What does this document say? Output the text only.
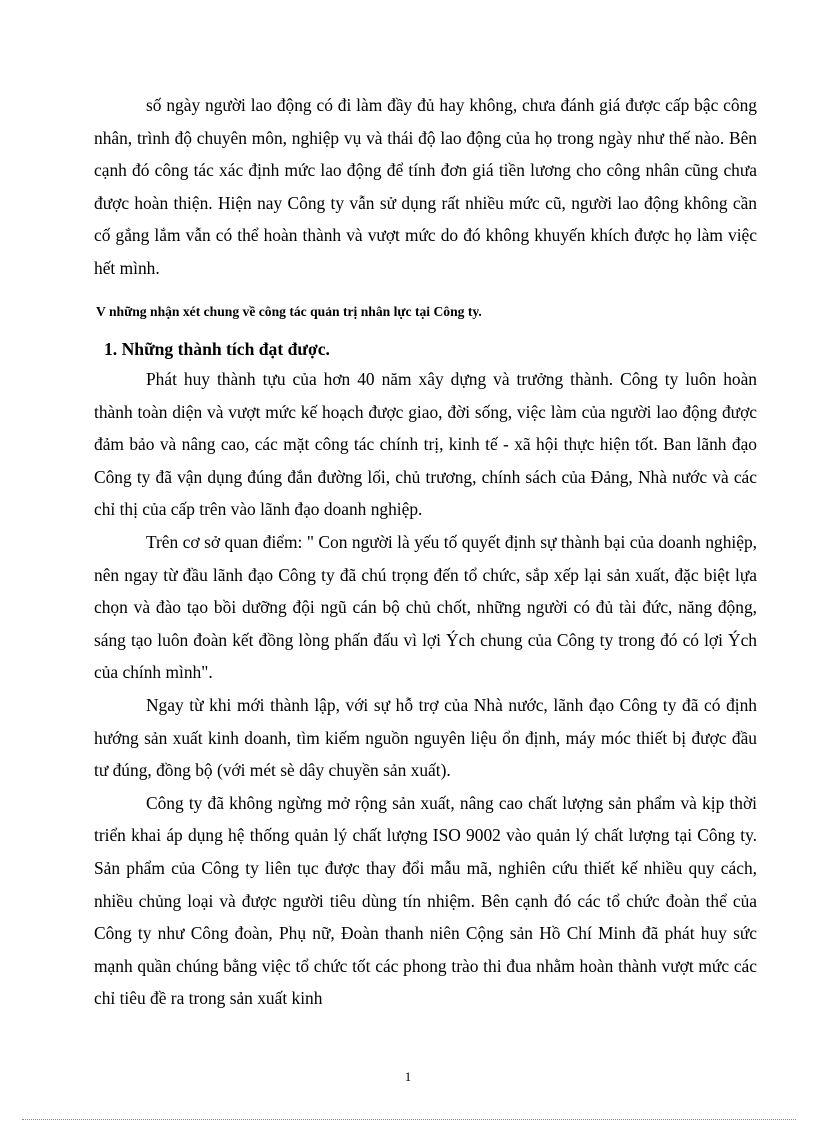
số ngày người lao động có đi làm đầy đủ hay không, chưa đánh giá được cấp bậc công nhân, trình độ chuyên môn, nghiệp vụ và thái độ lao động của họ trong ngày như thế nào. Bên cạnh đó công tác xác định mức lao động để tính đơn giá tiền lương cho công nhân cũng chưa được hoàn thiện. Hiện nay Công ty vẫn sử dụng rất nhiều mức cũ, người lao động không cần cố gắng lắm vẫn có thể hoàn thành và vượt mức do đó không khuyến khích được họ làm việc hết mình.

V những nhận xét chung về công tác quản trị nhân lực tại Công ty.
1. Những thành tích đạt được.

Phát huy thành tựu của hơn 40 năm xây dựng và trưởng thành. Công ty luôn hoàn thành toàn diện và vượt mức kế hoạch được giao, đời sống, việc làm của người lao động được đảm bảo và nâng cao, các mặt công tác chính trị, kinh tế - xã hội thực hiện tốt. Ban lãnh đạo Công ty đã vận dụng đúng đắn đường lối, chủ trương, chính sách của Đảng, Nhà nước và các chỉ thị của cấp trên vào lãnh đạo doanh nghiệp.

Trên cơ sở quan điểm: " Con người là yếu tố quyết định sự thành bại của doanh nghiệp, nên ngay từ đầu lãnh đạo Công ty đã chú trọng đến tổ chức, sắp xếp lại sản xuất, đặc biệt lựa chọn và đào tạo bồi dưỡng đội ngũ cán bộ chủ chốt, những người có đủ tài đức, năng động, sáng tạo luôn đoàn kết đồng lòng phấn đấu vì lợi Ých chung của Công ty trong đó có lợi Ých của chính mình".

Ngay từ khi mới thành lập, với sự hỗ trợ của Nhà nước, lãnh đạo Công ty đã có định hướng sản xuất kinh doanh, tìm kiếm nguồn nguyên liệu ổn định, máy móc thiết bị được đầu tư đúng, đồng bộ (với mét sè dây chuyền sản xuất).

Công ty đã không ngừng mở rộng sản xuất, nâng cao chất lượng sản phẩm và kịp thời triển khai áp dụng hệ thống quản lý chất lượng ISO 9002 vào quản lý chất lượng tại Công ty. Sản phẩm của Công ty liên tục được thay đổi mẫu mã, nghiên cứu thiết kế nhiều quy cách, nhiều chủng loại và được người tiêu dùng tín nhiệm. Bên cạnh đó các tổ chức đoàn thể của Công ty như Công đoàn, Phụ nữ, Đoàn thanh niên Cộng sản Hồ Chí Minh đã phát huy sức mạnh quần chúng bằng việc tổ chức tốt các phong trào thi đua nhằm hoàn thành vượt mức các chỉ tiêu đề ra trong sản xuất kinh

1
